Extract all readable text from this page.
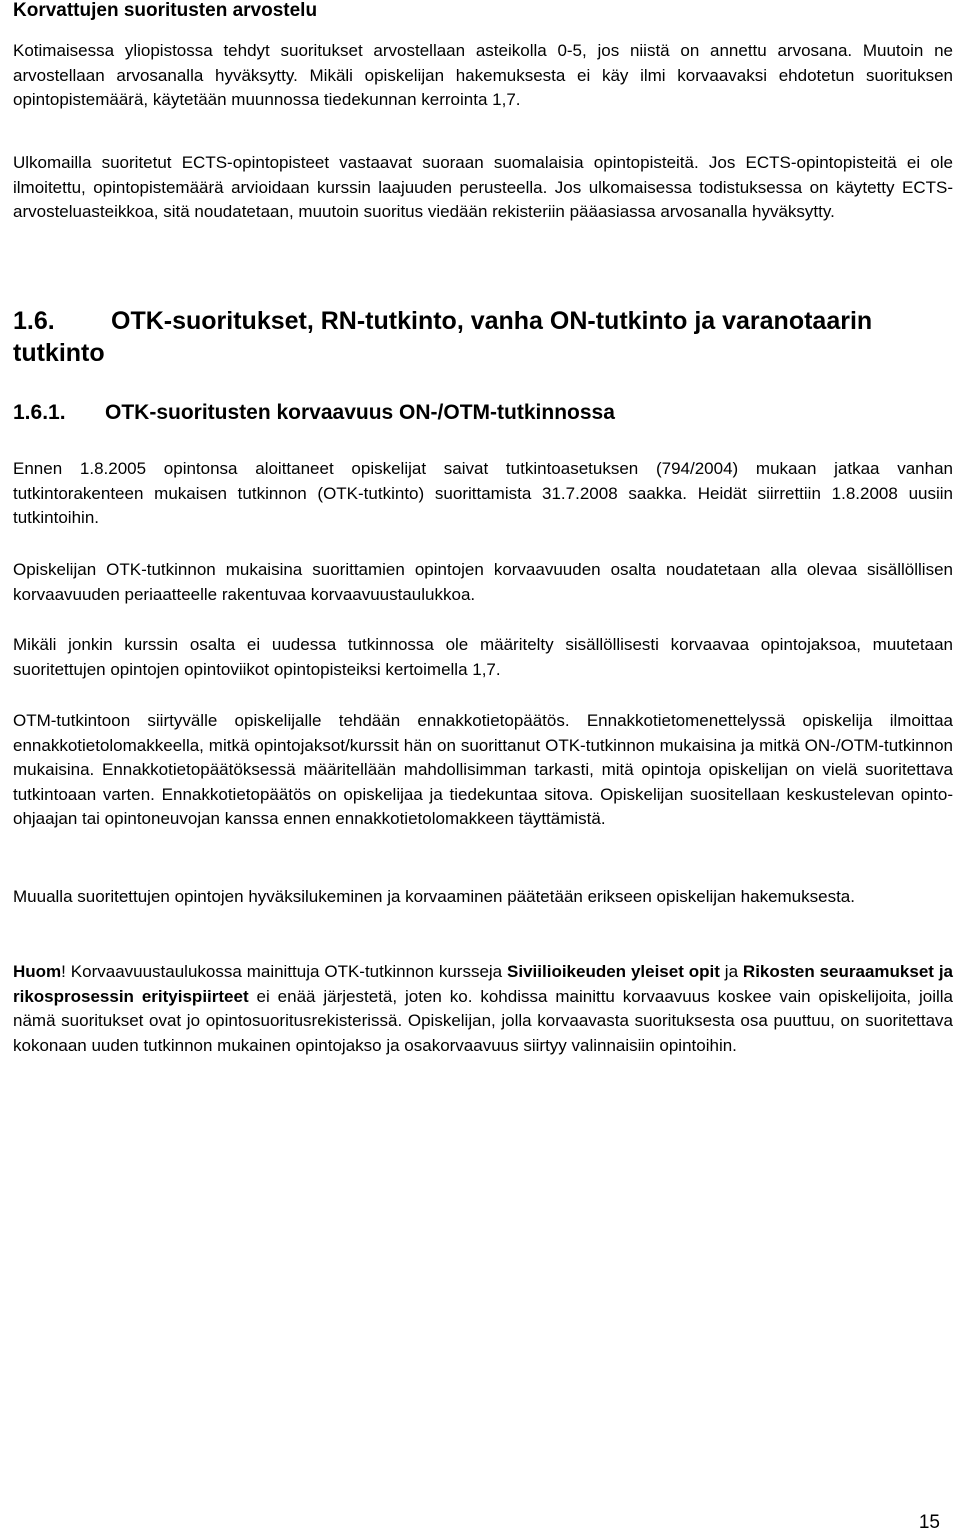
Korvattujen suoritusten arvostelu

Kotimaisessa yliopistossa tehdyt suoritukset arvostellaan asteikolla 0-5, jos niistä on annettu arvosana. Muutoin ne arvostellaan arvosanalla hyväksytty. Mikäli opiskelijan hakemuksesta ei käy ilmi korvaavaksi ehdotetun suorituksen opintopistemäärä, käytetään muunnossa tiedekunnan kerrointa 1,7.

Ulkomailla suoritetut ECTS-opintopisteet vastaavat suoraan suomalaisia opintopisteitä. Jos ECTS-opintopisteitä ei ole ilmoitettu, opintopistemäärä arvioidaan kurssin laajuuden perusteella. Jos ulkomaisessa todistuksessa on käytetty ECTS-arvosteluasteikkoa, sitä noudatetaan, muutoin suoritus viedään rekisteriin pääasiassa arvosanalla hyväksytty.

1.6. OTK-suoritukset, RN-tutkinto, vanha ON-tutkinto ja varanotaarin tutkinto
1.6.1. OTK-suoritusten korvaavuus ON-/OTM-tutkinnossa

Ennen 1.8.2005 opintonsa aloittaneet opiskelijat saivat tutkintoasetuksen (794/2004) mukaan jatkaa vanhan tutkintorakenteen mukaisen tutkinnon (OTK-tutkinto) suorittamista 31.7.2008 saakka. Heidät siirrettiin 1.8.2008 uusiin tutkintoihin.

Opiskelijan OTK-tutkinnon mukaisina suorittamien opintojen korvaavuuden osalta noudatetaan alla olevaa sisällöllisen korvaavuuden periaatteelle rakentuvaa korvaavuustaulukkoa.

Mikäli jonkin kurssin osalta ei uudessa tutkinnossa ole määritelty sisällöllisesti korvaavaa opintojaksoa, muutetaan suoritettujen opintojen opintoviikot opintopisteiksi kertoimella 1,7.

OTM-tutkintoon siirtyvälle opiskelijalle tehdään ennakkotietopäätös. Ennakkotietomenettelyssä opiskelija ilmoittaa ennakkotietolomakkeella, mitkä opintojaksot/kurssit hän on suorittanut OTK-tutkinnon mukaisina ja mitkä ON-/OTM-tutkinnon mukaisina. Ennakkotietopäätöksessä määritellään mahdollisimman tarkasti, mitä opintoja opiskelijan on vielä suoritettava tutkintoaan varten. Ennakkotietopäätös on opiskelijaa ja tiedekuntaa sitova. Opiskelijan suositellaan keskustelevan opinto-ohjaajan tai opintoneuvojan kanssa ennen ennakkotietolomakkeen täyttämistä.

Muualla suoritettujen opintojen hyväksilukeminen ja korvaaminen päätetään erikseen opiskelijan hakemuksesta.

Huom! Korvaavuustaulukossa mainittuja OTK-tutkinnon kursseja Siviilioikeuden yleiset opit ja Rikosten seuraamukset ja rikosprosessin erityispiirteet ei enää järjestetä, joten ko. kohdissa mainittu korvaavuus koskee vain opiskelijoita, joilla nämä suoritukset ovat jo opintosuoritusrekisterissä. Opiskelijan, jolla korvaavasta suorituksesta osa puuttuu, on suoritettava kokonaan uuden tutkinnon mukainen opintojakso ja osakorvaavuus siirtyy valinnaisiin opintoihin.

15
